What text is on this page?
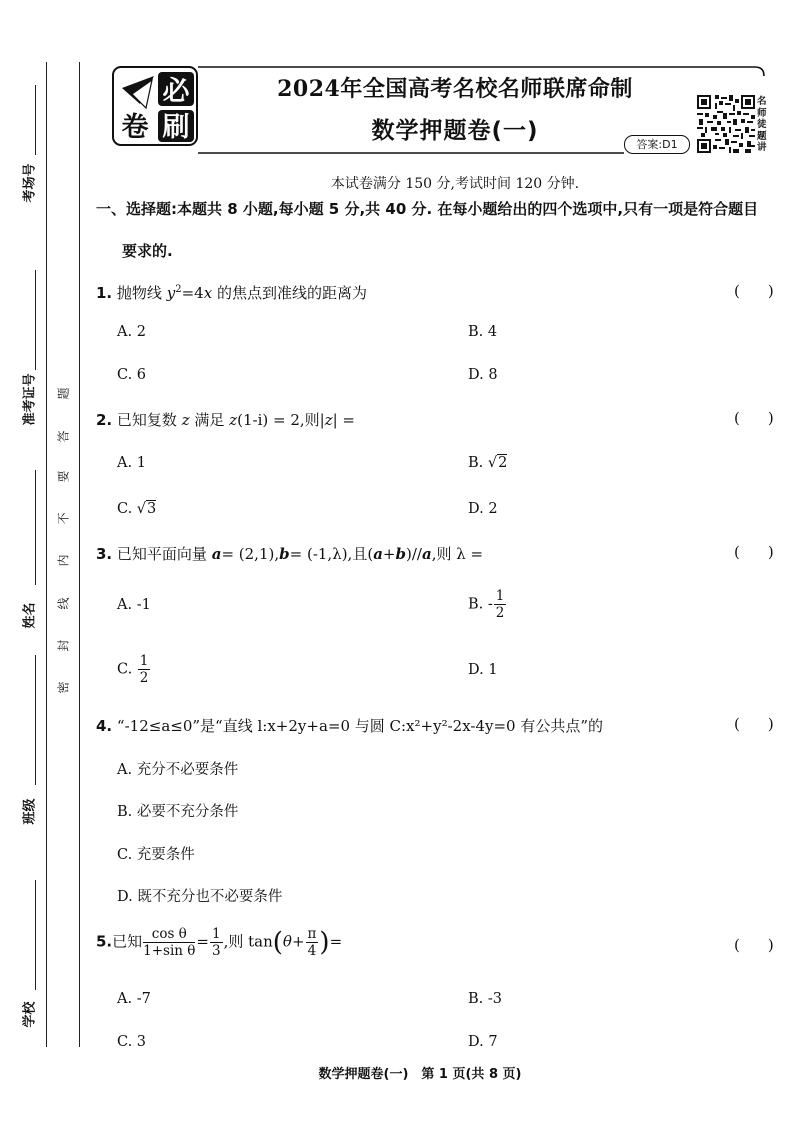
考场号
准考证号
姓名
班级
学校
题
答
要
不
内
线
封
密
必
卷 刷
2024年全国高考名校名师联席命制
数学押题卷(一)
答案:D1
名师徒题讲
本试卷满分 150 分,考试时间 120 分钟.
一、选择题:本题共 8 小题,每小题 5 分,共 40 分. 在每小题给出的四个选项中,只有一项是符合题目
要求的.
1. 抛物线 $y^2=4x$ 的焦点到准线的距离为	()
A. 2	B. 4
C. 6	D. 8
2. 已知复数 z 满足 z(1-i) = 2,则|z| =	()
A. 1	B. √2
C. √3	D. 2
3. 已知平面向量 a= (2,1),b= (-1,λ),且(a+b)//a,则 λ =	()
A. -1	B. - $\frac{1}{2}$
C. $\frac{1}{2}$	D. 1
4. “-12≤a≤0”是“直线 l:x+2y+a=0 与圆 C:x²+y²-2x-4y=0 有公共点”的	()
A. 充分不必要条件
B. 必要不充分条件
C. 充要条件
D. 既不充分也不必要条件
5.已知 $\frac{\text{cos θ}}{\text{1+sin θ}} = \frac{1}{3}$ ,则 $\tan(\theta+ \frac{\pi}{4}$ )=	()
A. -7	B. -3
C. 3	D. 7
数学押题卷(一)　第 1 页(共 8 页)
